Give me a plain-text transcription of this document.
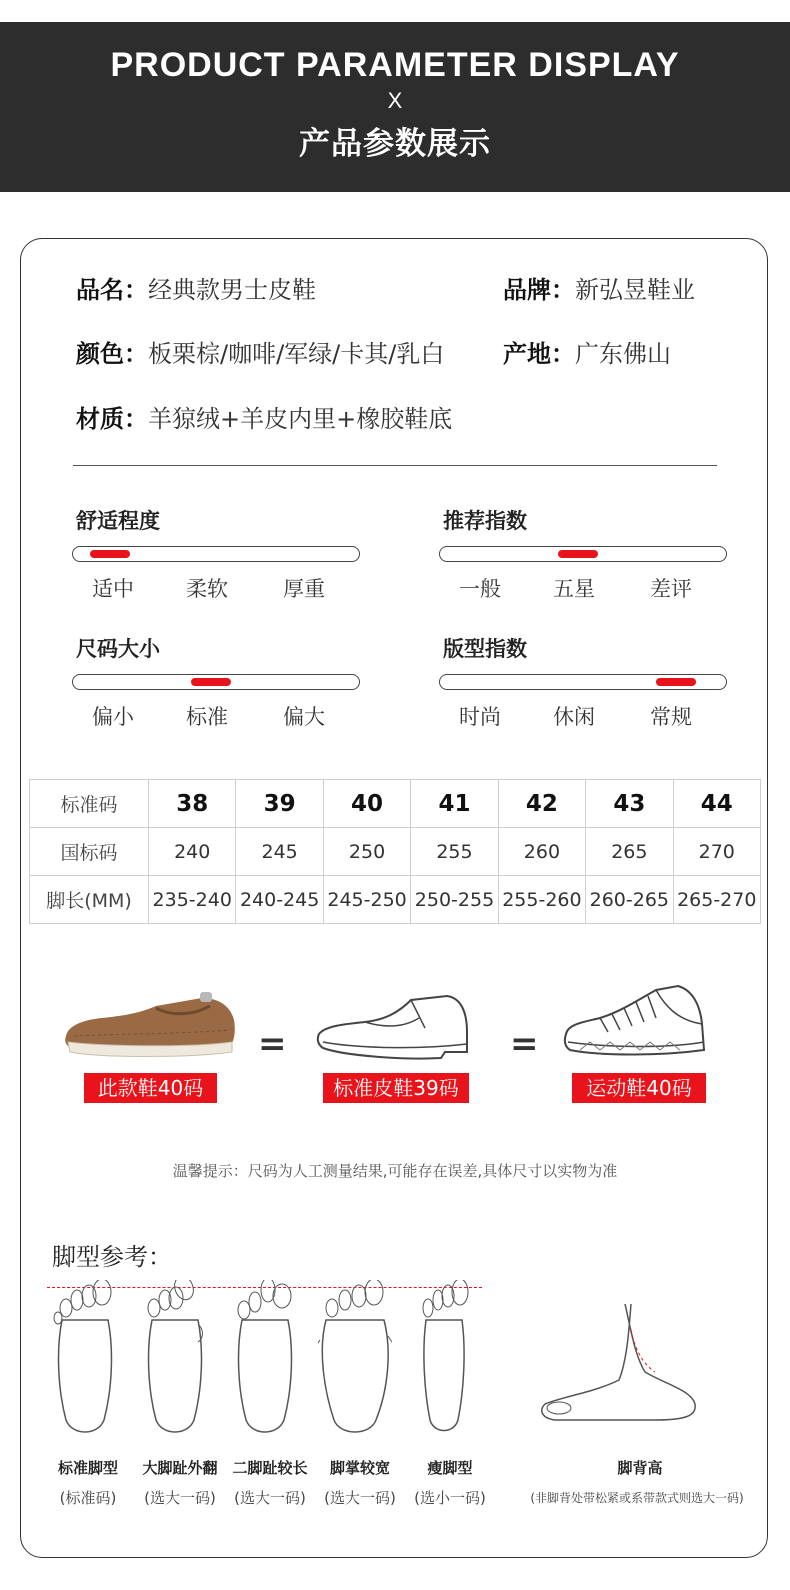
PRODUCT PARAMETER DISPLAY
X
产品参数展示
品名：经典款男士皮鞋	品牌：新弘昱鞋业
颜色：板栗棕/咖啡/军绿/卡其/乳白 产地：广东佛山
材质：羊猄绒+羊皮内里+橡胶鞋底
舒适程度
适中 柔软	厚重
推荐指数
一般 五星	差评
尺码大小
偏小 标准	偏大
版型指数
时尚 休闲	常规
标准码	38	39	40	41	42	43	44
国标码	240	245	250	255	260	265	270
脚长(MM)	235-240	240-245	245-250	250-255	255-260	260-265	265-270
=	=
此款鞋40码	标准皮鞋39码	运动鞋40码
温馨提示：尺码为人工测量结果,可能存在误差,具体尺寸以实物为准
脚型参考：
标准脚型	大脚趾外翻 二脚趾较长	脚掌较宽	瘦脚型	脚背高
(标准码)	(选大一码)	(选大一码)	(选大一码)	(选小一码)	(非脚背处带松紧或系带款式则选大一码)
